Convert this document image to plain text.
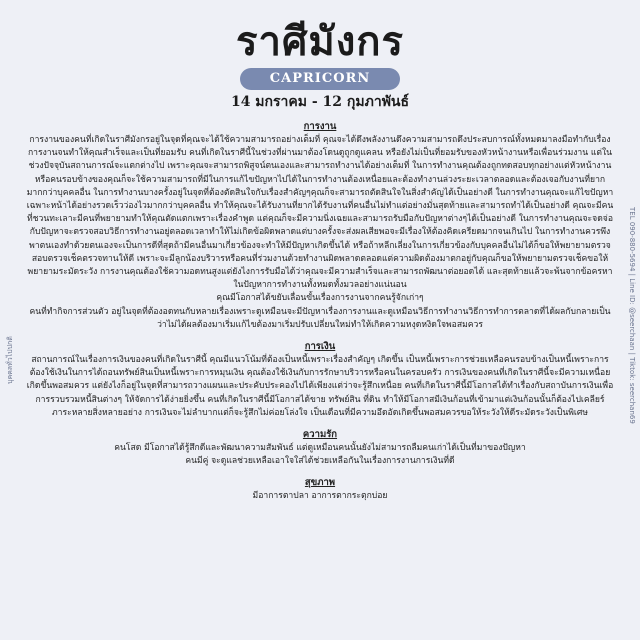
ราศีมังกร
CAPRICORN
14 มกราคม - 12 กุมภาพันธ์
บุคคลทั่วไปปกติ	TEL 090-880-5694 | Line ID: @seerchaan | Tiktok: seerchan69
การงาน

การงานของคนที่เกิดในราศีมังกรอยู่ในจุดที่คุณจะได้ใช้ความสามารถอย่างเต็มที่ คุณจะได้ดึงพลังงานดึงความสามารถดึงประสบการณ์ทั้งหมดมาลงมือทำกับเรื่องการงานจนทำให้คุณสำเร็จและเป็นที่ยอมรับ คนที่เกิดในราศีนี้ในช่วงที่ผ่านมาต้องโดนดูถูกดูแคลน หรือยังไม่เป็นที่ยอมรับของหัวหน้างานหรือเพื่อนร่วมงาน แต่ในช่วงปัจจุบันสถานการณ์จะแตกต่างไป เพราะคุณจะสามารถพิสูจน์ตนเองและสามารถทำงานได้อย่างเต็มที่ ในการทำงานคุณต้องถูกทดสอบทุกอย่างแต่หัวหน้างานหรือคนรอบข้างของคุณก็จะใช้ความสามารถที่มีในการแก้ไขปัญหาไปได้ในการทำงานต้องเหนื่อยและต้องทำงานล่วงระยะเวลาตลอดและต้องเจอกับงานที่ยากมากกว่าบุคคลอื่น ในการทำงานบางครั้งอยู่ในจุดที่ต้องตัดสินใจกับเรื่องสำคัญๆคุณก็จะสามารถตัดสินใจในสิ่งสำคัญได้เป็นอย่างดี ในการทำงานคุณจะแก้ไขปัญหาเฉพาะหน้าได้อย่างรวดเร็วว่องไวมากกว่าบุคคลอื่น ทำให้คุณจะได้รับงานที่ยากได้รับงานที่คนอื่นไม่ทำแต่อย่างมั่นสุดท้ายและสามารถทำได้เป็นอย่างดี คุณจะมีคนที่ชวนทะเลาะมีคนที่พยายามทำให้คุณตัดแตกเพราะเรื่องคำพูด แต่คุณก็จะมีความนิ่งเฉยและสามารถรับมือกับปัญหาต่างๆได้เป็นอย่างดี ในการทำงานคุณจะจดจ่อกับปัญหาจะตรวจสอบวิธีการทำงานอยู่ตลอดเวลาทำให้ไม่เกิดข้อผิดพลาดแต่บางครั้งจะส่งผลเสียพอจะมีเรื่องให้ต้องคิดเครียดมากจนเกินไป ในการทำงานควรพึงพาตนเองทำด้วยตนเองจะเป็นการดีที่สุดถ้ามีคนอื่นมาเกี่ยวข้องจะทำให้มีปัญหาเกิดขึ้นได้ หรือถ้าหลีกเลี่ยงในการเกี่ยวข้องกับบุคคลอื่นไม่ได้ก็ขอให้พยายามตรวจสอบตรวจเช็คตรวจทานให้ดี เพราะจะมีลูกน้องบริวารหรือคนที่ร่วมงานด้วยทำงานผิดพลาดตลอดแต่ความผิดต้องมาตกอยู่กับคุณก็ขอให้พยายามตรวจเช็คขอให้พยายามระมัดระวัง การงานคุณต้องใช้ความอดทนสูงแต่ยังไงการรับมือได้ว่าคุณจะมีความสำเร็จและสามารถพัฒนาต่อยอดได้ และสุดท้ายแล้วจะพ้นจากข้อครหา ในปัญหาการทำงานทั้งหมดทั้งมวลอย่างแน่นอน

คุณมีโอกาสได้ขยับเลื่อนขั้นเรื่องการงานจากคนรู้จักเก่าๆ

คนที่ทำกิจการส่วนตัว อยู่ในจุดที่ต้องอดทนกับหลายเรื่องเพราะดูเหมือนจะมีปัญหาเรื่องการงานและดูเหมือนวิธีการทำงานวิธีการทำการตลาดที่ได้ผลกับกลายเป็นว่าไม่ได้ผลต้องมาเริ่มแก้ไขต้องมาเริ่มปรับเปลี่ยนใหม่ทำให้เกิดความหงุดหงิดใจพอสมควร

การเงิน

สถานการณ์ในเรื่องการเงินของคนที่เกิดในราศีนี้ คุณมีแนวโน้มที่ต้องเป็นหนี้เพราะเรื่องสำคัญๆ เกิดขึ้น เป็นหนี้เพราะการช่วยเหลือคนรอบข้างเป็นหนี้เพราะการต้องใช้เงินในการได้ถอนทรัพย์สินเป็นหนี้เพราะการหมุนเงิน คุณต้องใช้เงินกับการรักษาบริวารหรือคนในครอบครัว การเงินของคนที่เกิดในราศีนี้จะมีความเหนื่อยเกิดขึ้นพอสมควร แต่ยังไงก็อยู่ในจุดที่สามารถวางแผนและประคับประคองไปได้เพียงแต่ว่าจะรู้สึกเหนื่อย คนที่เกิดในราศีนี้มีโอกาสได้ทำเรื่องกับสถาบันการเงินเพื่อการรวบรวมหนี้สินต่างๆ ให้จัดการได้ง่ายยิ่งขึ้น คนที่เกิดในราศีนี้มีโอกาสได้ขาย ทรัพย์สิน ที่ดิน ทำให้มีโอกาสมีเงินก้อนที่เข้ามาแต่เงินก้อนนั้นก็ต้องไปเคลียร์ภาระหลายสิ่งหลายอย่าง การเงินจะไม่ลำบากแต่ก็จะรู้สึกไม่ค่อยโล่งใจ เป็นเดือนที่มีความอึดอัดเกิดขึ้นพอสมควรขอให้ระวังให้ดีระมัดระวังเป็นพิเศษ

ความรัก

คนโสด มีโอกาสได้รู้สึกดีและพัฒนาความสัมพันธ์ แต่ดูเหมือนคนนั้นยังไม่สามารถลืมคนเก่าได้เป็นที่มาของปัญหา

คนมีคู่ จะดูแลช่วยเหลือเอาใจใส่ได้ช่วยเหลือกันในเรื่องการงานการเงินที่ดี

สุขภาพ

มีอาการตาปลา อาการตากระตุกบ่อย
